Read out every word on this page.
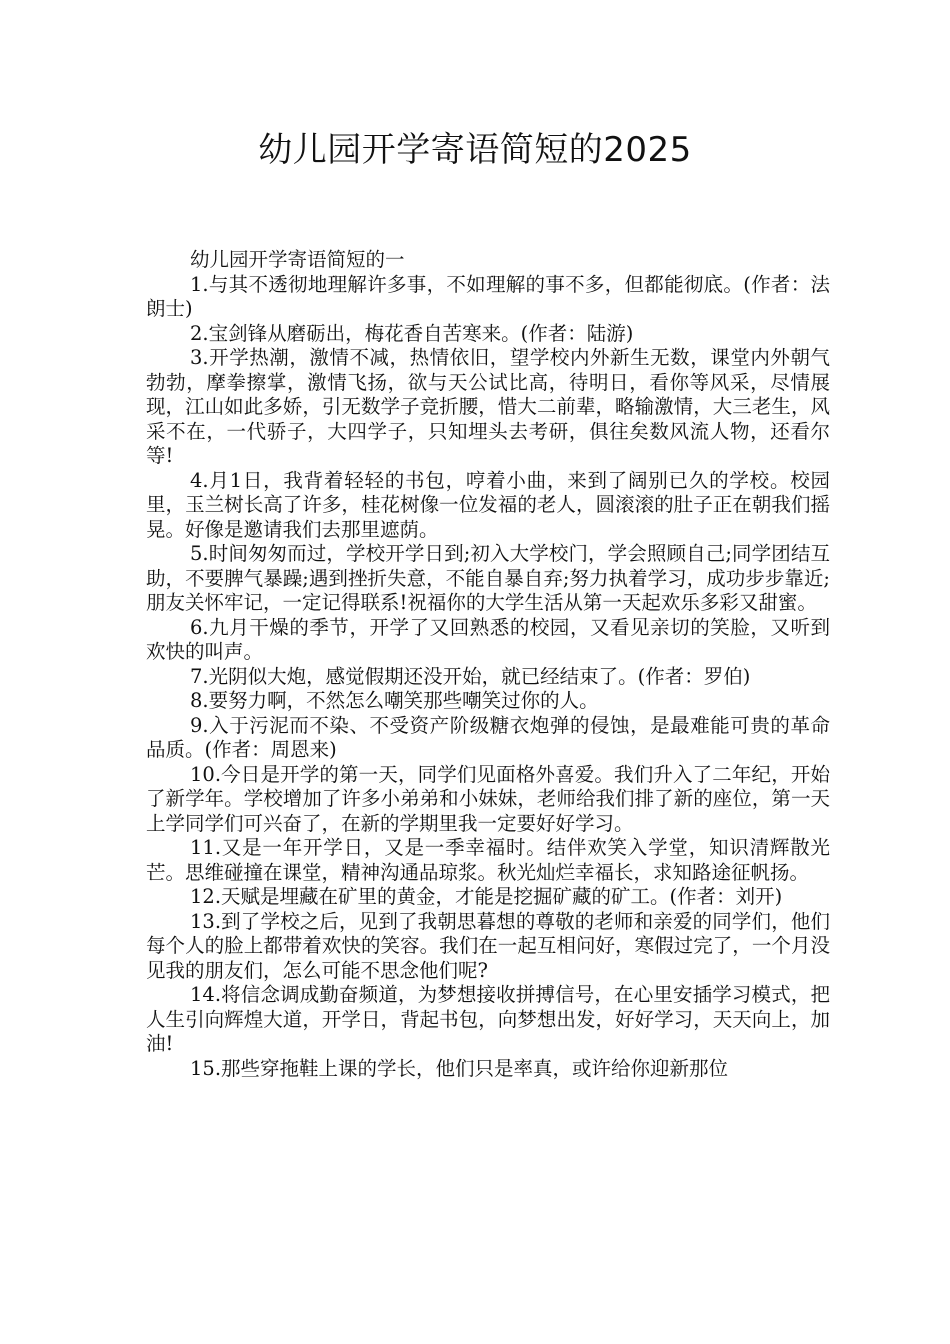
幼儿园开学寄语简短的2025

幼儿园开学寄语简短的一

1.与其不透彻地理解许多事，不如理解的事不多，但都能彻底。(作者：法朗士)

2.宝剑锋从磨砺出，梅花香自苦寒来。(作者：陆游)

3.开学热潮，激情不减，热情依旧，望学校内外新生无数，课堂内外朝气勃勃，摩拳擦掌，激情飞扬，欲与天公试比高，待明日，看你等风采，尽情展现，江山如此多娇，引无数学子竞折腰，惜大二前辈，略输激情，大三老生，风采不在，一代骄子，大四学子，只知埋头去考研，俱往矣数风流人物，还看尔等!

4.月1日，我背着轻轻的书包，哼着小曲，来到了阔别已久的学校。校园里，玉兰树长高了许多，桂花树像一位发福的老人，圆滚滚的肚子正在朝我们摇晃。好像是邀请我们去那里遮荫。

5.时间匆匆而过，学校开学日到;初入大学校门，学会照顾自己;同学团结互助，不要脾气暴躁;遇到挫折失意，不能自暴自弃;努力执着学习，成功步步靠近;朋友关怀牢记，一定记得联系!祝福你的大学生活从第一天起欢乐多彩又甜蜜。

6.九月干燥的季节，开学了又回熟悉的校园，又看见亲切的笑脸，又听到欢快的叫声。

7.光阴似大炮，感觉假期还没开始，就已经结束了。(作者：罗伯)

8.要努力啊，不然怎么嘲笑那些嘲笑过你的人。

9.入于污泥而不染、不受资产阶级糖衣炮弹的侵蚀，是最难能可贵的革命品质。(作者：周恩来)

10.今日是开学的第一天，同学们见面格外喜爱。我们升入了二年纪，开始了新学年。学校增加了许多小弟弟和小妹妹，老师给我们排了新的座位，第一天上学同学们可兴奋了，在新的学期里我一定要好好学习。

11.又是一年开学日，又是一季幸福时。结伴欢笑入学堂，知识清辉散光芒。思维碰撞在课堂，精神沟通品琼浆。秋光灿烂幸福长，求知路途征帆扬。

12.天赋是埋藏在矿里的黄金，才能是挖掘矿藏的矿工。(作者：刘开)

13.到了学校之后，见到了我朝思暮想的尊敬的老师和亲爱的同学们，他们每个人的脸上都带着欢快的笑容。我们在一起互相问好，寒假过完了，一个月没见我的朋友们，怎么可能不思念他们呢?

14.将信念调成勤奋频道，为梦想接收拼搏信号，在心里安插学习模式，把人生引向辉煌大道，开学日，背起书包，向梦想出发，好好学习，天天向上，加油!

15.那些穿拖鞋上课的学长，他们只是率真，或许给你迎新那位
